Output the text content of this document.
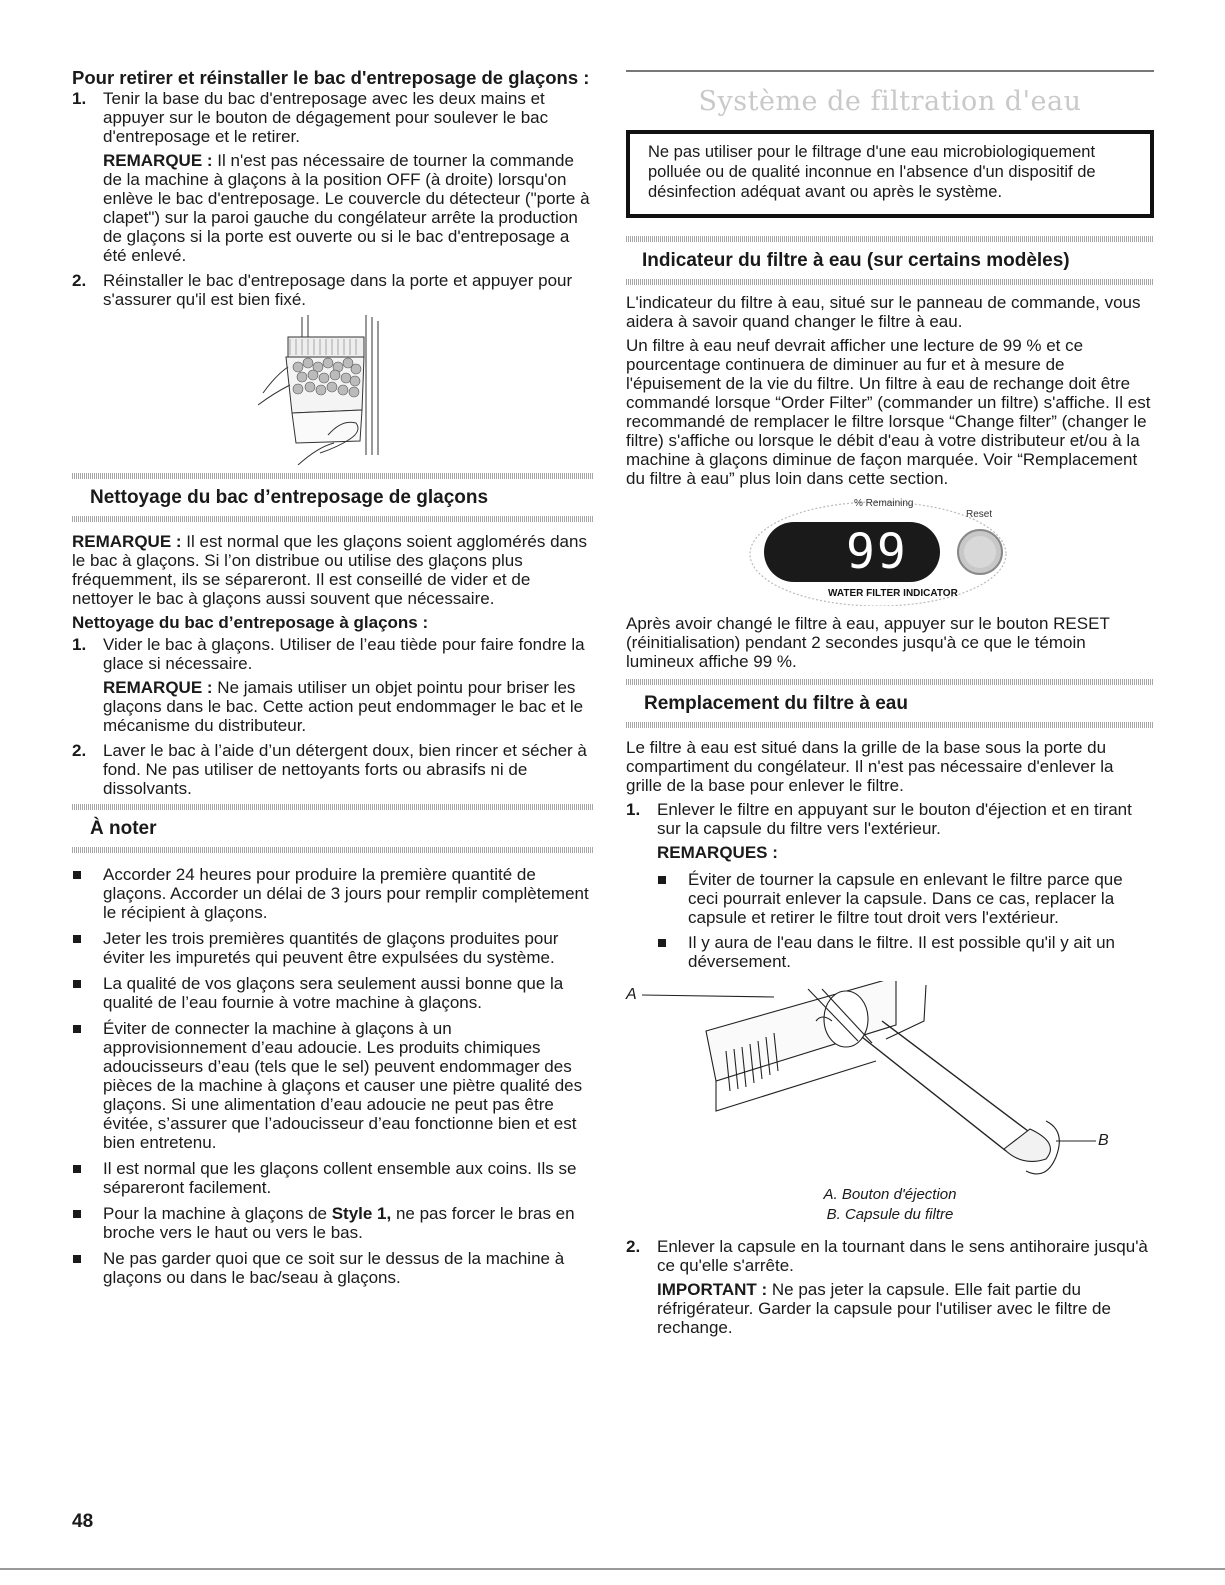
Pour retirer et réinstaller le bac d'entreposage de glaçons :

1. Tenir la base du bac d'entreposage avec les deux mains et appuyer sur le bouton de dégagement pour soulever le bac d'entreposage et le retirer.

REMARQUE : Il n'est pas nécessaire de tourner la commande de la machine à glaçons à la position OFF (à droite) lorsqu'on enlève le bac d'entreposage. Le couvercle du détecteur ("porte à clapet") sur la paroi gauche du congélateur arrête la production de glaçons si la porte est ouverte ou si le bac d'entreposage a été enlevé.

2. Réinstaller le bac d'entreposage dans la porte et appuyer pour s'assurer qu'il est bien fixé.

Nettoyage du bac d’entreposage de glaçons

REMARQUE : Il est normal que les glaçons soient agglomérés dans le bac à glaçons. Si l’on distribue ou utilise des glaçons plus fréquemment, ils se sépareront. Il est conseillé de vider et de nettoyer le bac à glaçons aussi souvent que nécessaire.

Nettoyage du bac d’entreposage à glaçons :

1. Vider le bac à glaçons. Utiliser de l’eau tiède pour faire fondre la glace si nécessaire.

REMARQUE : Ne jamais utiliser un objet pointu pour briser les glaçons dans le bac. Cette action peut endommager le bac et le mécanisme du distributeur.

2. Laver le bac à l’aide d’un détergent doux, bien rincer et sécher à fond. Ne pas utiliser de nettoyants forts ou abrasifs ni de dissolvants.

À noter
Accorder 24 heures pour produire la première quantité de glaçons. Accorder un délai de 3 jours pour remplir complètement le récipient à glaçons.
Jeter les trois premières quantités de glaçons produites pour éviter les impuretés qui peuvent être expulsées du système.
La qualité de vos glaçons sera seulement aussi bonne que la qualité de l’eau fournie à votre machine à glaçons.
Éviter de connecter la machine à glaçons à un approvisionnement d’eau adoucie. Les produits chimiques adoucisseurs d’eau (tels que le sel) peuvent endommager des pièces de la machine à glaçons et causer une piètre qualité des glaçons. Si une alimentation d’eau adoucie ne peut pas être évitée, s’assurer que l’adoucisseur d’eau fonctionne bien et est bien entretenu.
Il est normal que les glaçons collent ensemble aux coins. Ils se sépareront facilement.
Pour la machine à glaçons de Style 1, ne pas forcer le bras en broche vers le haut ou vers le bas.
Ne pas garder quoi que ce soit sur le dessus de la machine à glaçons ou dans le bac/seau à glaçons.
Système de filtration d'eau
Ne pas utiliser pour le filtrage d'une eau microbiologiquement polluée ou de qualité inconnue en l'absence d'un dispositif de désinfection adéquat avant ou après le système.
Indicateur du filtre à eau (sur certains modèles)

L'indicateur du filtre à eau, situé sur le panneau de commande, vous aidera à savoir quand changer le filtre à eau.

Un filtre à eau neuf devrait afficher une lecture de 99 % et ce pourcentage continuera de diminuer au fur et à mesure de l'épuisement de la vie du filtre. Un filtre à eau de rechange doit être commandé lorsque “Order Filter” (commander un filtre) s'affiche. Il est recommandé de remplacer le filtre lorsque “Change filter” (changer le filtre) s'affiche ou lorsque le débit d'eau à votre distributeur et/ou à la machine à glaçons diminue de façon marquée. Voir “Remplacement du filtre à eau” plus loin dans cette section.

% Remaining
Reset
99
WATER FILTER INDICATOR

Après avoir changé le filtre à eau, appuyer sur le bouton RESET (réinitialisation) pendant 2 secondes jusqu'à ce que le témoin lumineux affiche 99 %.

Remplacement du filtre à eau

Le filtre à eau est situé dans la grille de la base sous la porte du compartiment du congélateur. Il n'est pas nécessaire d'enlever la grille de la base pour enlever le filtre.

1. Enlever le filtre en appuyant sur le bouton d'éjection et en tirant sur la capsule du filtre vers l'extérieur.

REMARQUES :

Éviter de tourner la capsule en enlevant le filtre parce que ceci pourrait enlever la capsule. Dans ce cas, replacer la capsule et retirer le filtre tout droit vers l'extérieur.
Il y aura de l'eau dans le filtre. Il est possible qu'il y ait un déversement.
A
B
A. Bouton d'éjection
B. Capsule du filtre
2. Enlever la capsule en la tournant dans le sens antihoraire jusqu'à ce qu'elle s'arrête.

IMPORTANT : Ne pas jeter la capsule. Elle fait partie du réfrigérateur. Garder la capsule pour l'utiliser avec le filtre de rechange.

48
